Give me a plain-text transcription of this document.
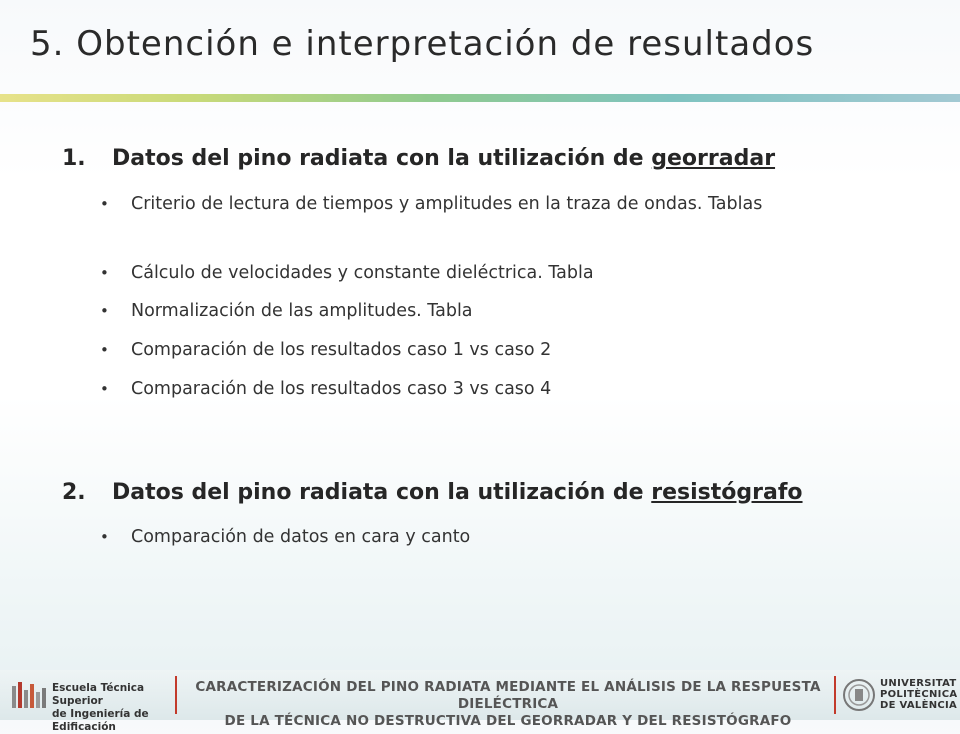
5. Obtención e interpretación de resultados
1. Datos del pino radiata con la utilización de georradar
•	Criterio de lectura de tiempos y amplitudes en la traza de ondas. Tablas
•	Cálculo de velocidades y constante dieléctrica. Tabla
•	Normalización de las amplitudes. Tabla
•	Comparación de los resultados caso 1 vs caso 2
•	Comparación de los resultados caso 3 vs caso 4
2. Datos del pino radiata con la utilización de resistógrafo
•	Comparación de datos en cara y canto
Escuela Técnica Superior
de Ingeniería de Edificación
CARACTERIZACIÓN DEL PINO RADIATA MEDIANTE EL ANÁLISIS DE LA RESPUESTA DIELÉCTRICA
DE LA TÉCNICA NO DESTRUCTIVA DEL GEORRADAR Y DEL RESISTÓGRAFO
UNIVERSITAT
POLITÈCNICA
DE VALÈNCIA
